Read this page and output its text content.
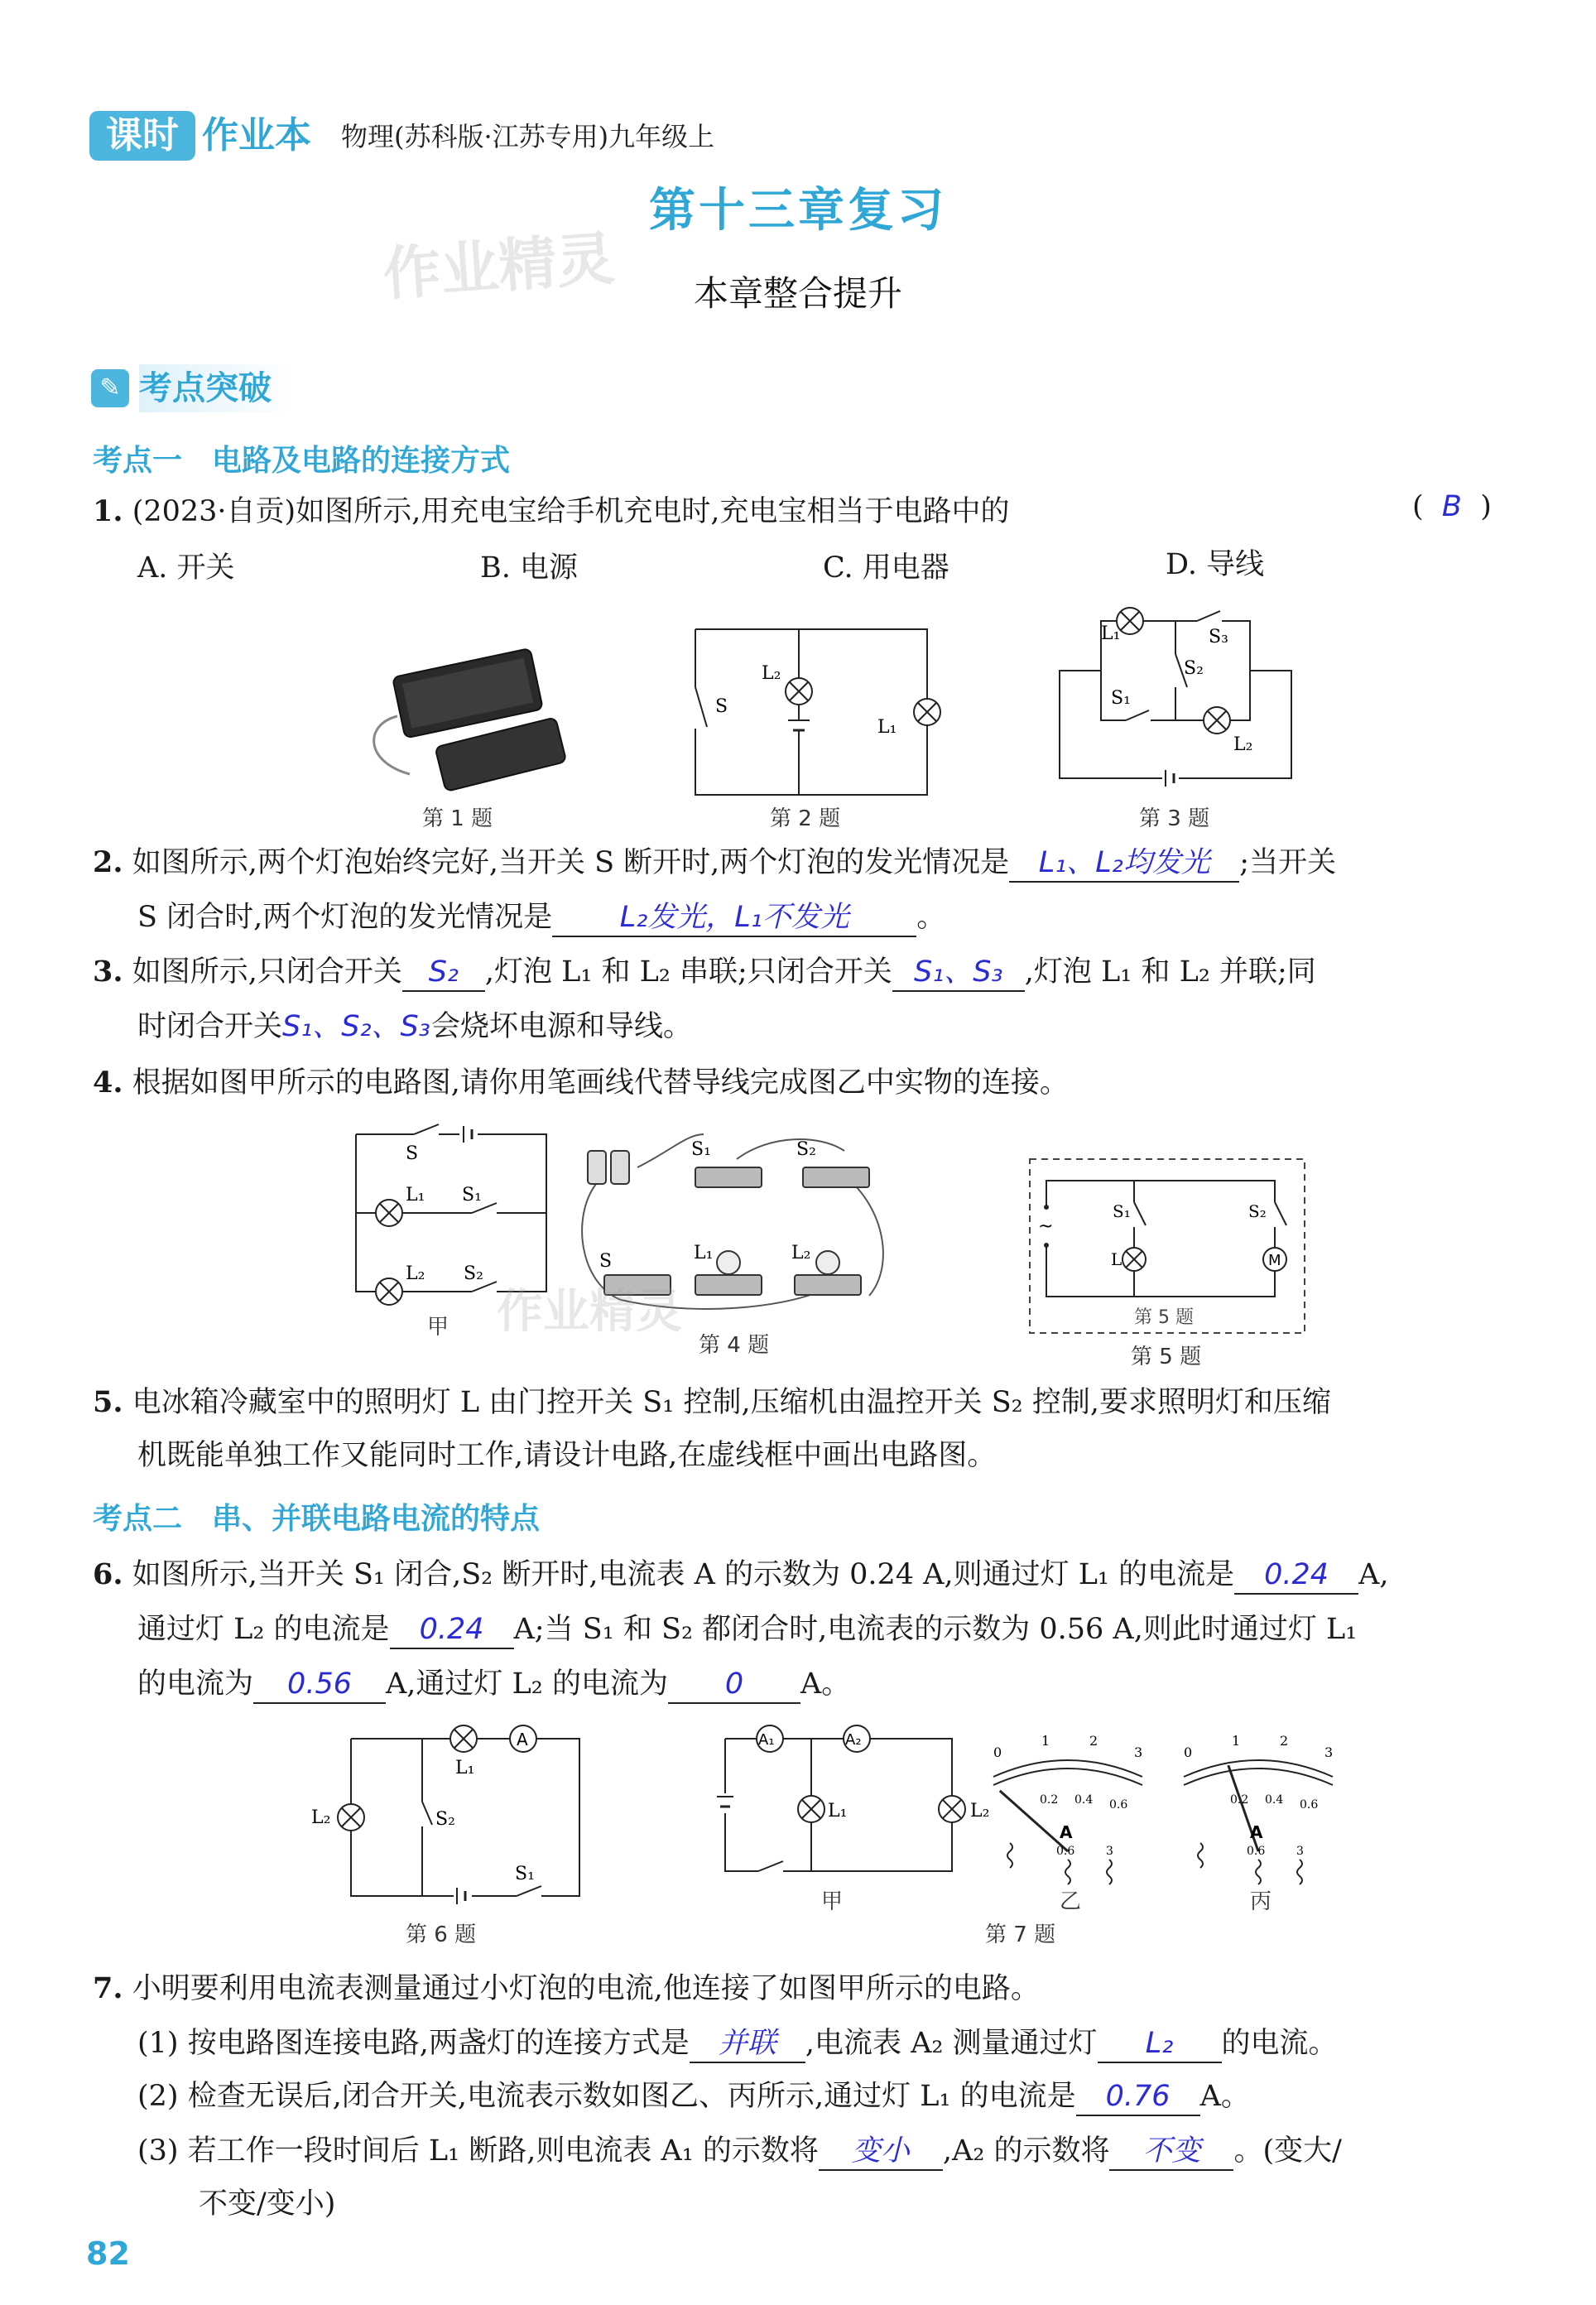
课时 作业本 物理(苏科版·江苏专用)九年级上
第十三章复习
作业精灵	本章整合提升
✎ 考点突破
考点一　电路及电路的连接方式
1. (2023·自贡)如图所示,用充电宝给手机充电时,充电宝相当于电路中的	( B )
A. 开关	B. 电源	C. 用电器	D. 导线
第 1 题
S
L₂
L₁
第 2 题
L₁	S₃
S₂
S₁
L₂
第 3 题
2. 如图所示,两个灯泡始终完好,当开关 S 断开时,两个灯泡的发光情况是 L₁、L₂均发光 ;当开关
S 闭合时,两个灯泡的发光情况是 L₂发光，L₁不发光 。
3. 如图所示,只闭合开关 S₂ ,灯泡 L₁ 和 L₂ 串联;只闭合开关 S₁、S₃ ,灯泡 L₁ 和 L₂ 并联;同
时闭合开关S₁、S₂、S₃会烧坏电源和导线。
4. 根据如图甲所示的电路图,请你用笔画线代替导线完成图乙中实物的连接。
S
L₁ S₁
L₂ S₂
甲
S₁	S₂
S	L₁	L₂
作业精灵
第 4 题
~
S₁
L
S₂
M
第 5 题
第 5 题
5. 电冰箱冷藏室中的照明灯 L 由门控开关 S₁ 控制,压缩机由温控开关 S₂ 控制,要求照明灯和压缩
机既能单独工作又能同时工作,请设计电路,在虚线框中画出电路图。
考点二　串、并联电路电流的特点
6. 如图所示,当开关 S₁ 闭合,S₂ 断开时,电流表 A 的示数为 0.24 A,则通过灯 L₁ 的电流是 0.24 A,
通过灯 L₂ 的电流是 0.24 A;当 S₁ 和 S₂ 都闭合时,电流表的示数为 0.56 A,则此时通过灯 L₁
的电流为 0.56 A,通过灯 L₂ 的电流为 0 A。
A
L₁
L₂	S₂
S₁
第 6 题
A₁	A₂
L₁	L₂
甲
0
1	2
3
0.2 0.4 0.6
A
0.6	3
乙
0
1	2
3
0.2 0.4 0.6
A
0.6	3
丙
第 7 题
7. 小明要利用电流表测量通过小灯泡的电流,他连接了如图甲所示的电路。
(1) 按电路图连接电路,两盏灯的连接方式是 并联 ,电流表 A₂ 测量通过灯 L₂ 的电流。
(2) 检查无误后,闭合开关,电流表示数如图乙、丙所示,通过灯 L₁ 的电流是 0.76 A。
(3) 若工作一段时间后 L₁ 断路,则电流表 A₁ 的示数将 变小 ,A₂ 的示数将 不变 。(变大/
不变/变小)
82
